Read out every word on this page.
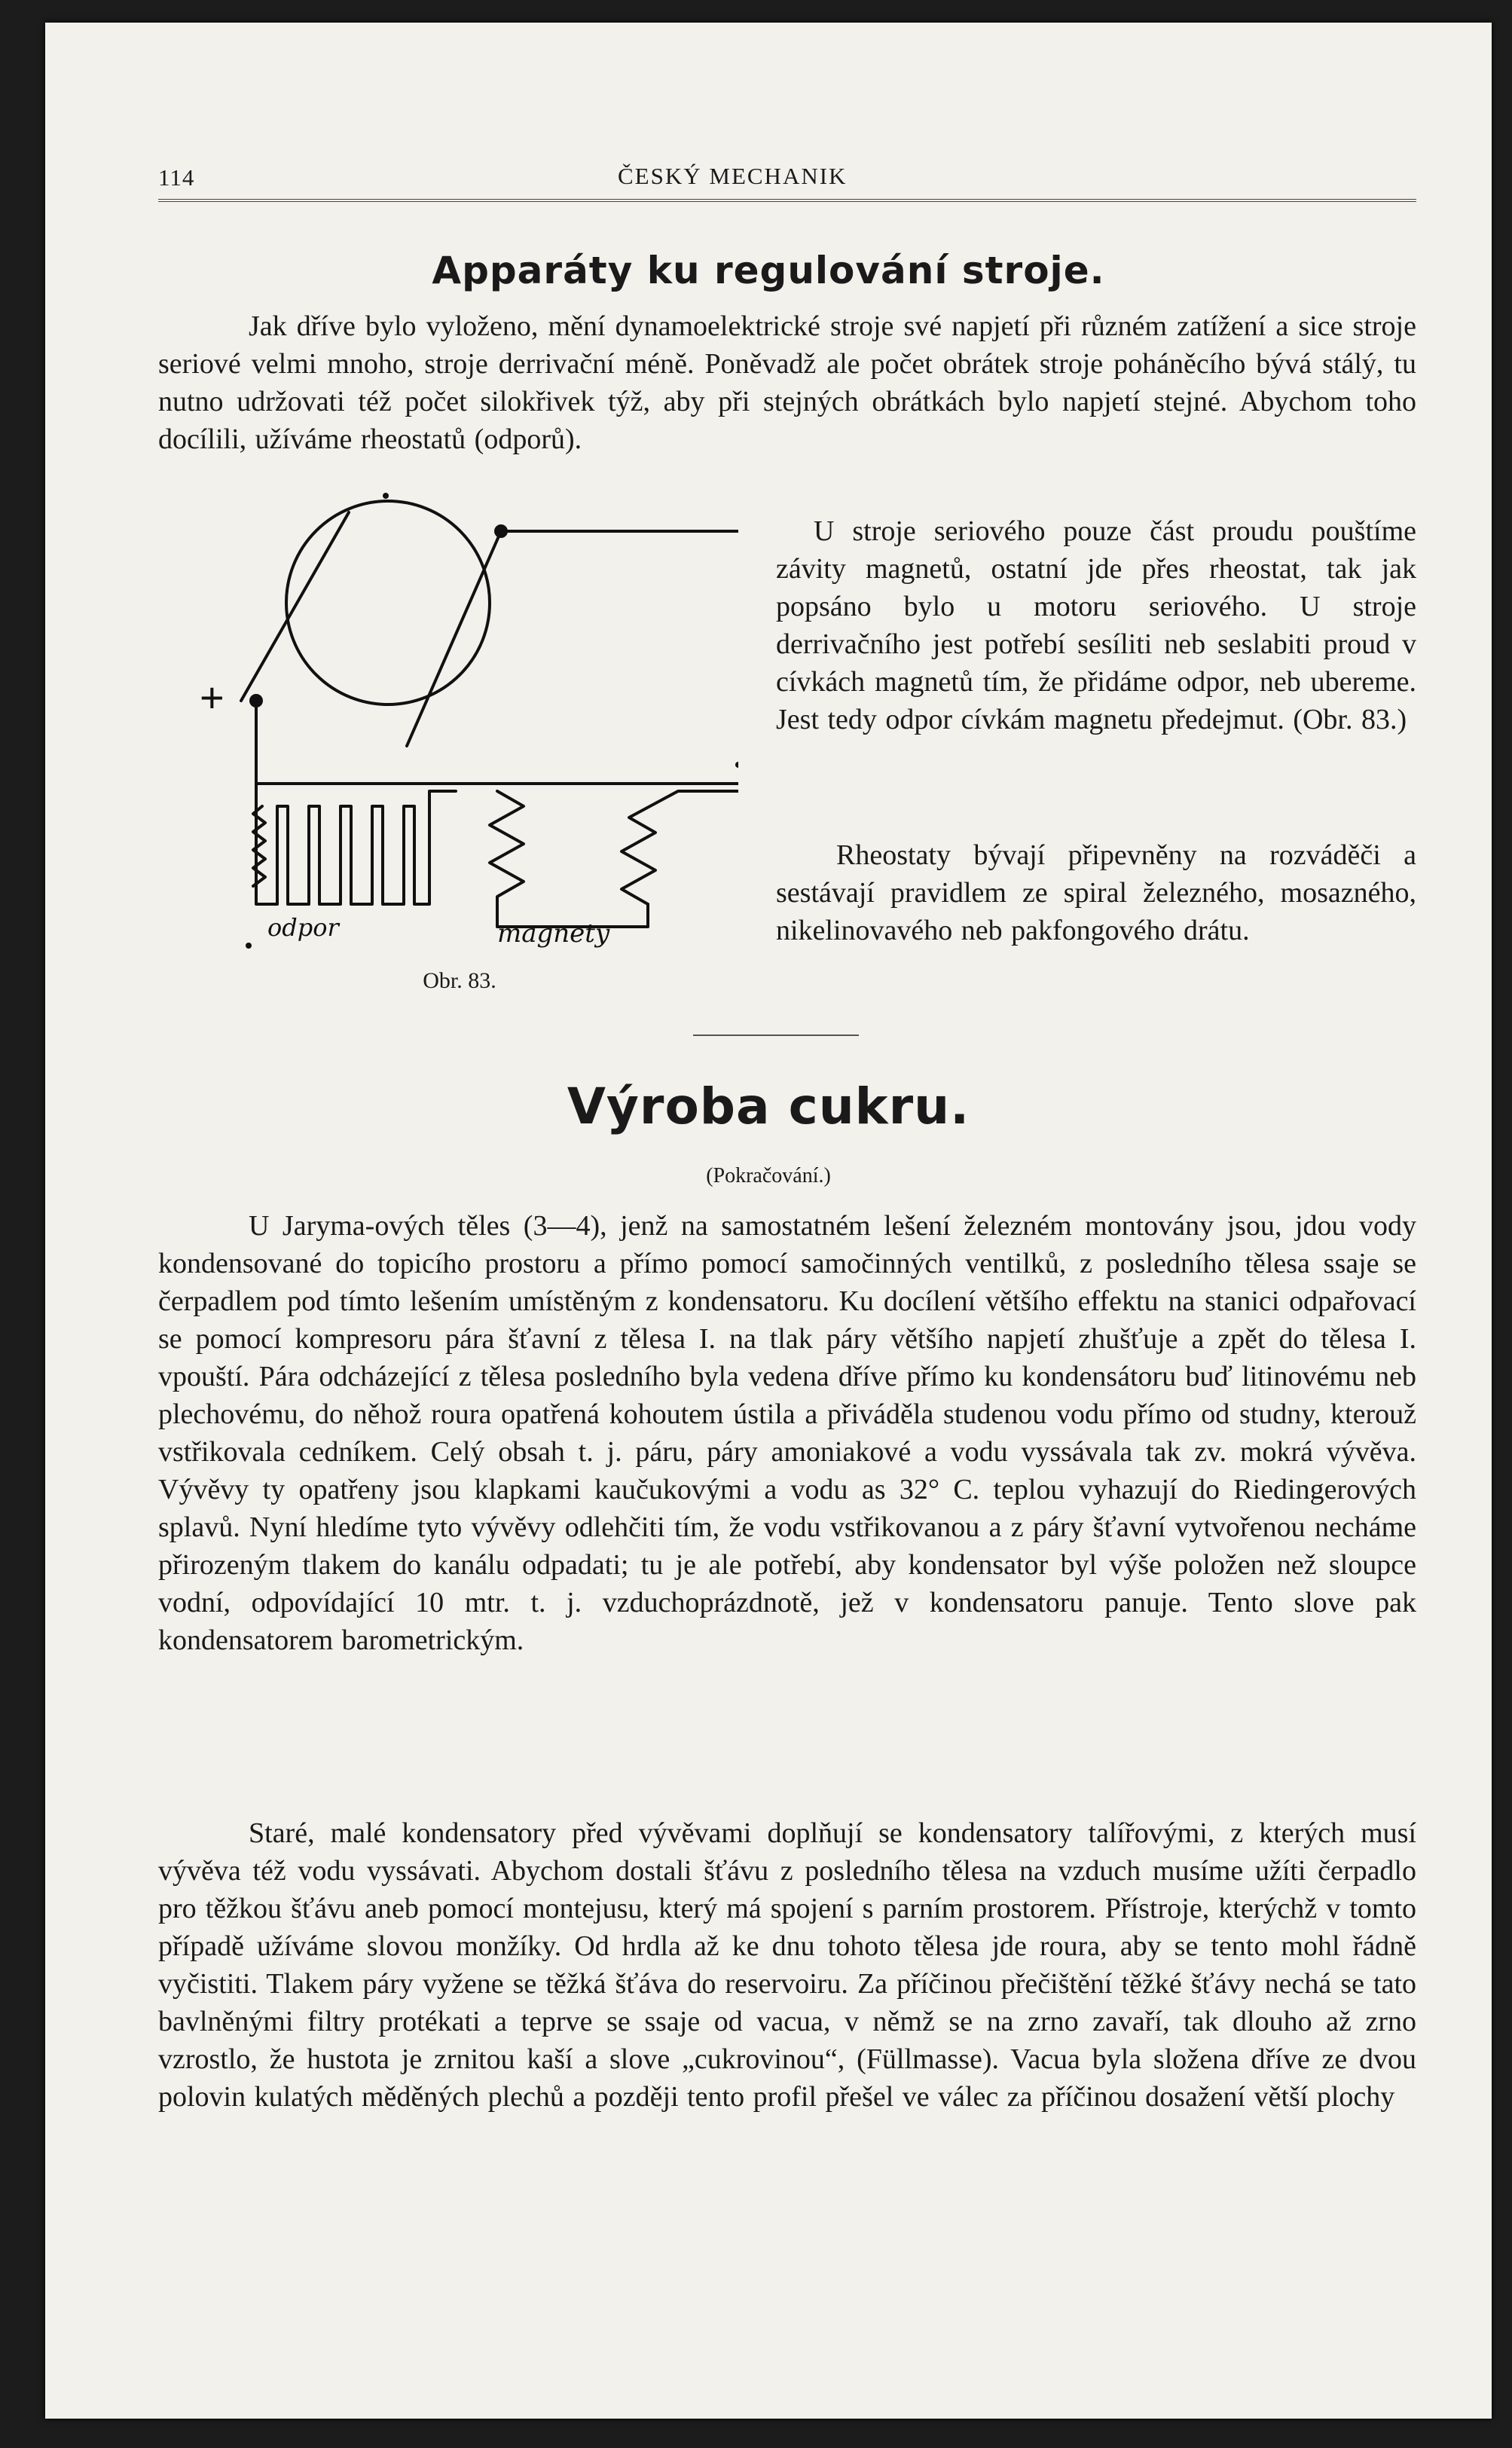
114	ČESKÝ MECHANIK
Apparáty ku regulování stroje.

Jak dříve bylo vyloženo, mění dynamoelektrické stroje své napjetí při různém zatížení a sice stroje seriové velmi mnoho, stroje derrivační méně. Poněvadž ale počet obrátek stroje poháněcího bývá stálý, tu nutno udržovati též počet silokřivek týž, aby při stejných obrátkách bylo napjetí stejné. Abychom toho docílili, užíváme rheostatů (odporů).

+
odpor	magnety
Obr. 83.

U stroje seriového pouze část proudu pouštíme závity magnetů, ostatní jde přes rheostat, tak jak popsáno bylo u motoru seriového. U stroje derrivačního jest potřebí sesíliti neb seslabiti proud v cívkách magnetů tím, že přidáme odpor, neb ubereme. Jest tedy odpor cívkám magnetu předejmut. (Obr. 83.)

Rheostaty bývají připevněny na rozváděči a sestávají pravidlem ze spiral železného, mosazného, nikelinovavého neb pakfongového drátu.

Výroba cukru.
(Pokračování.)

U Jaryma-ových těles (3—4), jenž na samostatném lešení železném montovány jsou, jdou vody kondensované do topicího prostoru a přímo pomocí samočinných ventilků, z posledního tělesa ssaje se čerpadlem pod tímto lešením umístěným z kondensatoru. Ku docílení většího effektu na stanici odpařovací se pomocí kompresoru pára šťavní z tělesa I. na tlak páry většího napjetí zhušťuje a zpět do tělesa I. vpouští. Pára odcházející z tělesa posledního byla vedena dříve přímo ku kondensátoru buď litinovému neb plechovému, do něhož roura opatřená kohoutem ústila a přiváděla studenou vodu přímo od studny, kterouž vstřikovala cedníkem. Celý obsah t. j. páru, páry amoniakové a vodu vyssávala tak zv. mokrá vývěva. Vývěvy ty opatřeny jsou klapkami kaučukovými a vodu as 32° C. teplou vyhazují do Riedingerových splavů. Nyní hledíme tyto vývěvy odlehčiti tím, že vodu vstřikovanou a z páry šťavní vytvořenou necháme přirozeným tlakem do kanálu odpadati; tu je ale potřebí, aby kondensator byl výše položen než sloupce vodní, odpovídající 10 mtr. t. j. vzduchoprázdnotě, jež v kondensatoru panuje. Tento slove pak kondensatorem barometrickým.

Staré, malé kondensatory před vývěvami doplňují se kondensatory talířovými, z kterých musí vývěva též vodu vyssávati. Abychom dostali šťávu z posledního tělesa na vzduch musíme užíti čerpadlo pro těžkou šťávu aneb pomocí montejusu, který má spojení s parním prostorem. Přístroje, kterýchž v tomto případě užíváme slovou monžíky. Od hrdla až ke dnu tohoto tělesa jde roura, aby se tento mohl řádně vyčistiti. Tlakem páry vyžene se těžká šťáva do reservoiru. Za příčinou přečištění těžké šťávy nechá se tato bavlněnými filtry protékati a teprve se ssaje od vacua, v němž se na zrno zavaří, tak dlouho až zrno vzrostlo, že hustota je zrnitou kaší a slove „cukrovinou“, (Füllmasse). Vacua byla složena dříve ze dvou polovin kulatých měděných plechů a později tento profil přešel ve válec za příčinou dosažení větší plochy
